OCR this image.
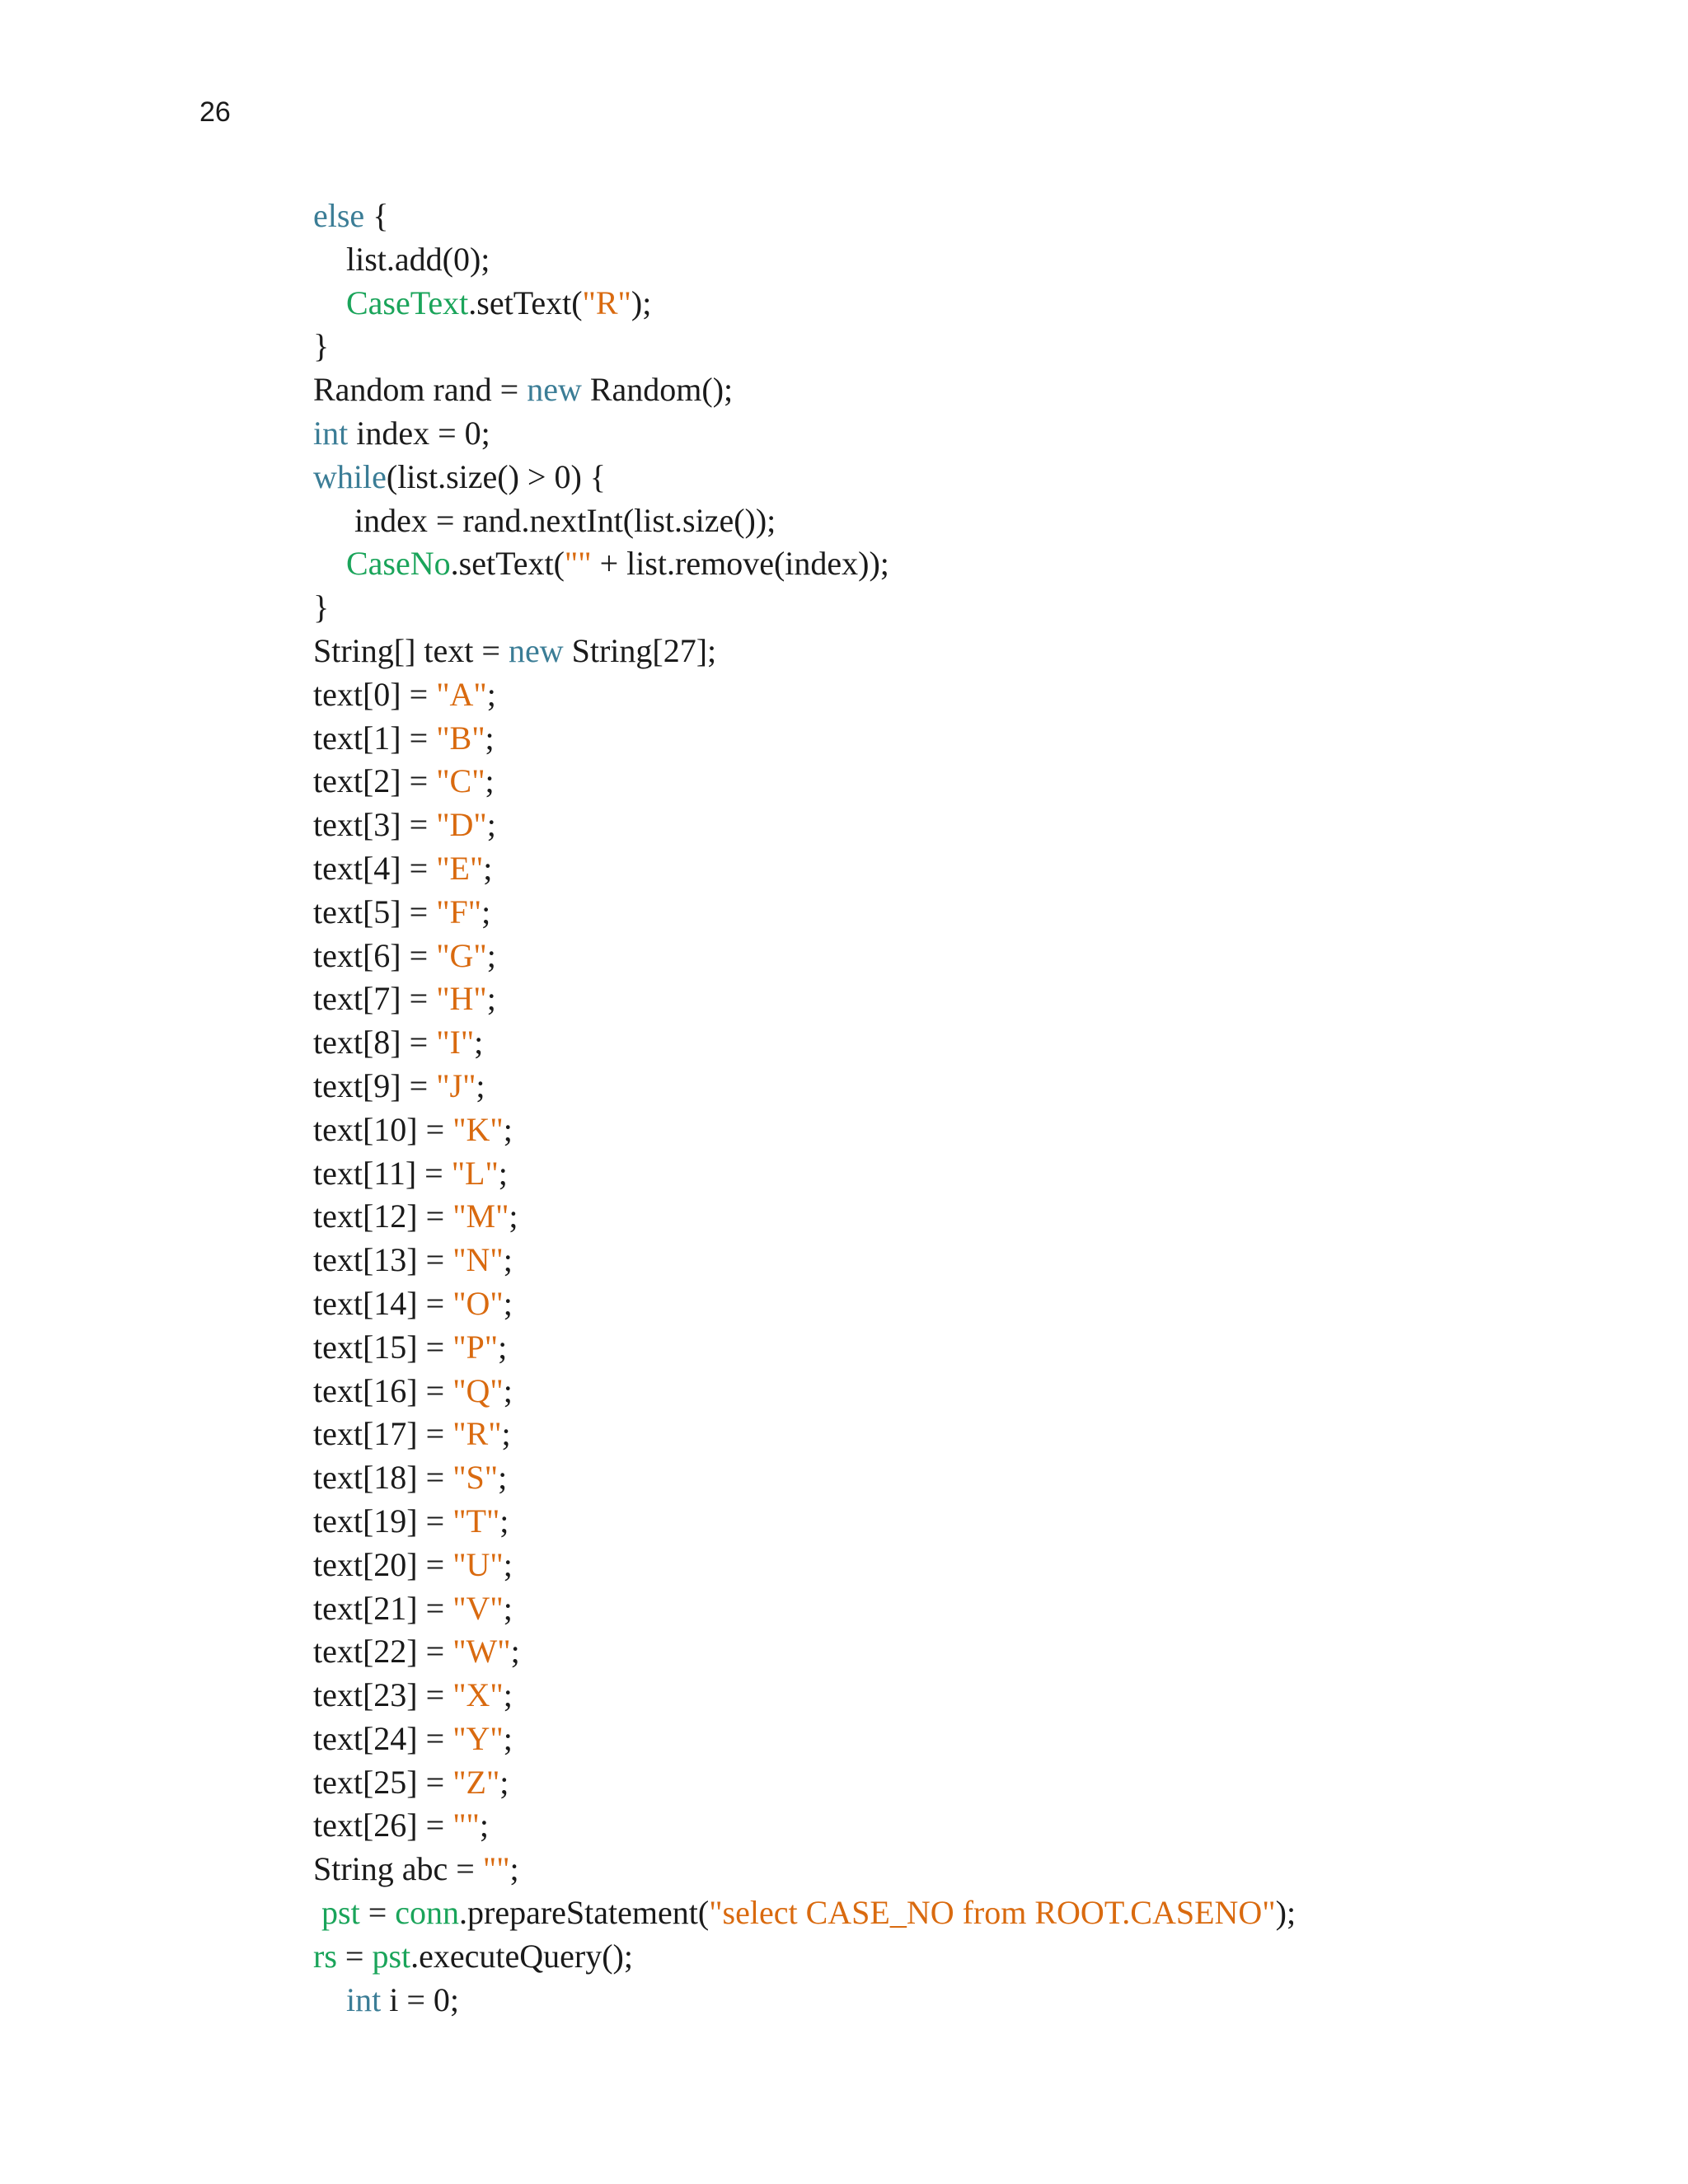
26
else {
list.add(0);
CaseText.setText("R");
}
Random rand = new Random();
int index = 0;
while(list.size() > 0) {
index = rand.nextInt(list.size());
CaseNo.setText("" + list.remove(index));
}
String[] text = new String[27];
text[0] = "A";
text[1] = "B";
text[2] = "C";
text[3] = "D";
text[4] = "E";
text[5] = "F";
text[6] = "G";
text[7] = "H";
text[8] = "I";
text[9] = "J";
text[10] = "K";
text[11] = "L";
text[12] = "M";
text[13] = "N";
text[14] = "O";
text[15] = "P";
text[16] = "Q";
text[17] = "R";
text[18] = "S";
text[19] = "T";
text[20] = "U";
text[21] = "V";
text[22] = "W";
text[23] = "X";
text[24] = "Y";
text[25] = "Z";
text[26] = "";
String abc = "";
pst = conn.prepareStatement("select CASE_NO from ROOT.CASENO");
rs = pst.executeQuery();
int i = 0;
